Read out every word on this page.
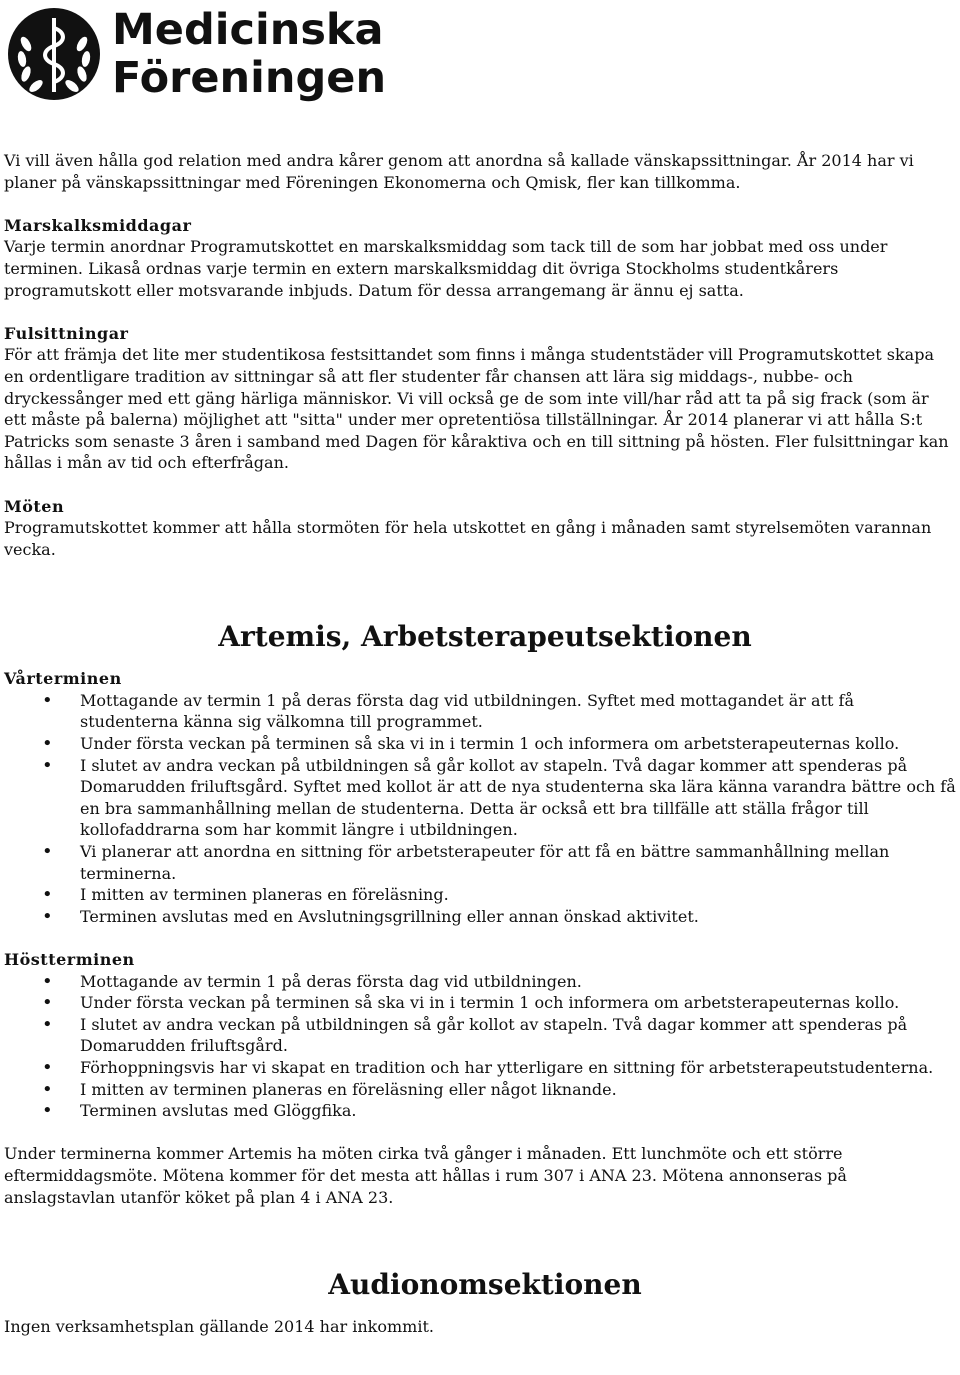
Medicinska
Föreningen

Vi vill även hålla god relation med andra kårer genom att anordna så kallade vänskapssittningar. År 2014 har vi planer på vänskapssittningar med Föreningen Ekonomerna och Qmisk, fler kan tillkomma.

Marskalksmiddagar

Varje termin anordnar Programutskottet en marskalksmiddag som tack till de som har jobbat med oss under terminen. Likaså ordnas varje termin en extern marskalksmiddag dit övriga Stockholms studentkårers programutskott eller motsvarande inbjuds. Datum för dessa arrangemang är ännu ej satta.

Fulsittningar

För att främja det lite mer studentikosa festsittandet som finns i många studentstäder vill Programutskottet skapa en ordentligare tradition av sittningar så att fler studenter får chansen att lära sig middags-, nubbe- och dryckessånger med ett gäng härliga människor. Vi vill också ge de som inte vill/har råd att ta på sig frack (som är ett måste på balerna) möjlighet att "sitta" under mer opretentiösa tillställningar. År 2014 planerar vi att hålla S:t Patricks som senaste 3 åren i samband med Dagen för kåraktiva och en till sittning på hösten. Fler fulsittningar kan hållas i mån av tid och efterfrågan.

Möten

Programutskottet kommer att hålla stormöten för hela utskottet en gång i månaden samt styrelsemöten varannan vecka.

Artemis, Arbetsterapeutsektionen
Vårterminen
• Mottagande av termin 1 på deras första dag vid utbildningen. Syftet med mottagandet är att få studenterna känna sig välkomna till programmet.
• Under första veckan på terminen så ska vi in i termin 1 och informera om arbetsterapeuternas kollo.
• I slutet av andra veckan på utbildningen så går kollot av stapeln. Två dagar kommer att spenderas på Domarudden friluftsgård. Syftet med kollot är att de nya studenterna ska lära känna varandra bättre och få en bra sammanhållning mellan de studenterna. Detta är också ett bra tillfälle att ställa frågor till kollofaddrarna som har kommit längre i utbildningen.
• Vi planerar att anordna en sittning för arbetsterapeuter för att få en bättre sammanhållning mellan terminerna.
• I mitten av terminen planeras en föreläsning.
• Terminen avslutas med en Avslutningsgrillning eller annan önskad aktivitet.
Höstterminen
• Mottagande av termin 1 på deras första dag vid utbildningen.
• Under första veckan på terminen så ska vi in i termin 1 och informera om arbetsterapeuternas kollo.
• I slutet av andra veckan på utbildningen så går kollot av stapeln. Två dagar kommer att spenderas på Domarudden friluftsgård.
• Förhoppningsvis har vi skapat en tradition och har ytterligare en sittning för arbetsterapeutstudenterna.
• I mitten av terminen planeras en föreläsning eller något liknande.
• Terminen avslutas med Glöggfika.

Under terminerna kommer Artemis ha möten cirka två gånger i månaden. Ett lunchmöte och ett större eftermiddagsmöte. Mötena kommer för det mesta att hållas i rum 307 i ANA 23. Mötena annonseras på anslagstavlan utanför köket på plan 4 i ANA 23.

Audionomsektionen

Ingen verksamhetsplan gällande 2014 har inkommit.
